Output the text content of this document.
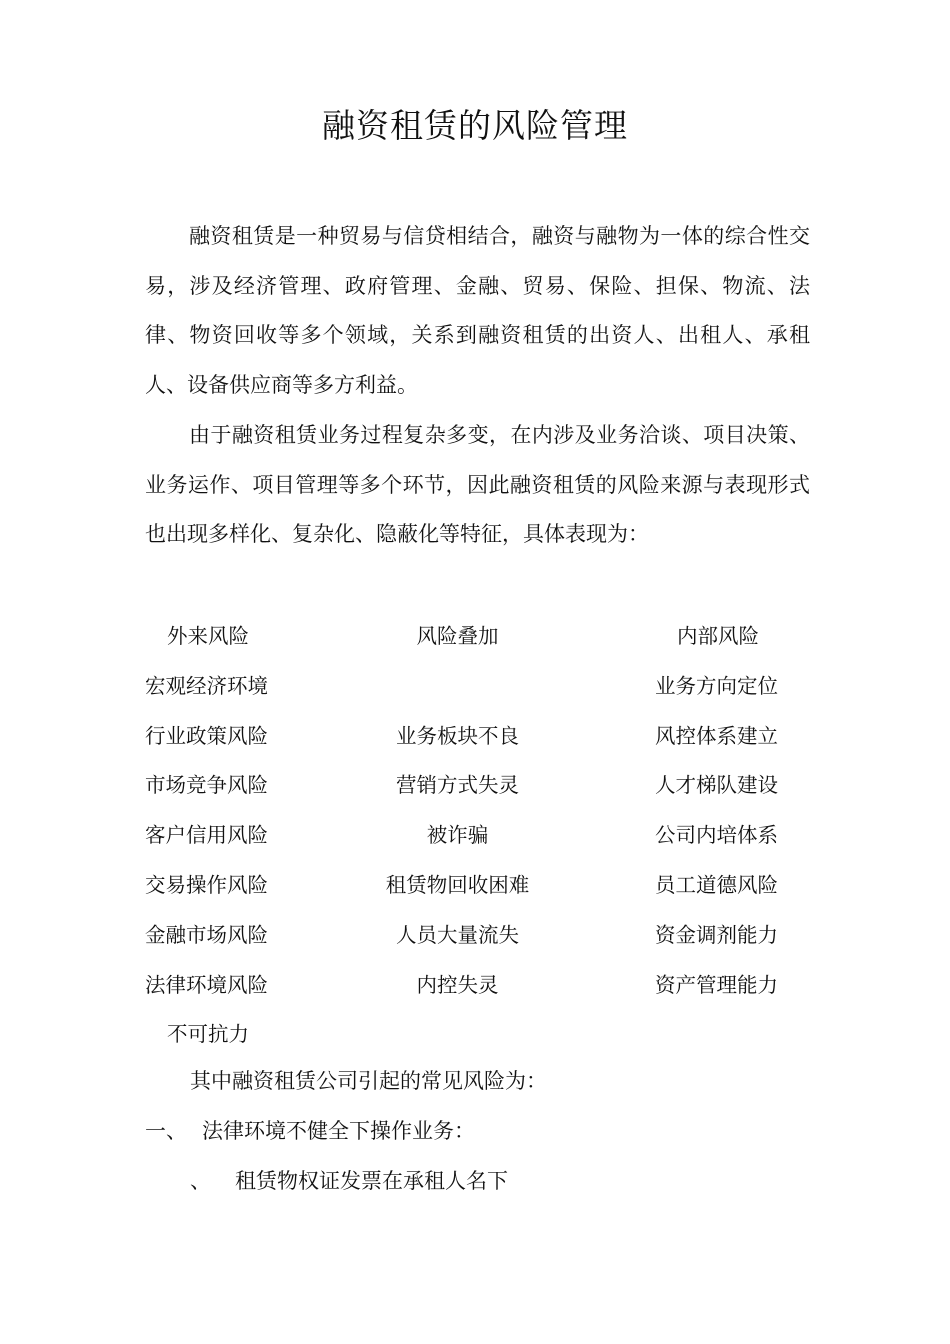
融资租赁的风险管理
融资租赁是一种贸易与信贷相结合，融资与融物为一体的综合性交易，涉及经济管理、政府管理、金融、贸易、保险、担保、物流、法律、物资回收等多个领域，关系到融资租赁的出资人、出租人、承租人、设备供应商等多方利益。
由于融资租赁业务过程复杂多变，在内涉及业务洽谈、项目决策、业务运作、项目管理等多个环节，因此融资租赁的风险来源与表现形式也出现多样化、复杂化、隐蔽化等特征，具体表现为：
外来风险
宏观经济环境
行业政策风险
市场竞争风险
客户信用风险
交易操作风险
金融市场风险
法律环境风险
不可抗力
风险叠加
业务板块不良
营销方式失灵
被诈骗
租赁物回收困难
人员大量流失
内控失灵
内部风险
业务方向定位
风控体系建立
人才梯队建设
公司内培体系
员工道德风险
资金调剂能力
资产管理能力
其中融资租赁公司引起的常见风险为：
一、 法律环境不健全下操作业务：
、 租赁物权证发票在承租人名下
